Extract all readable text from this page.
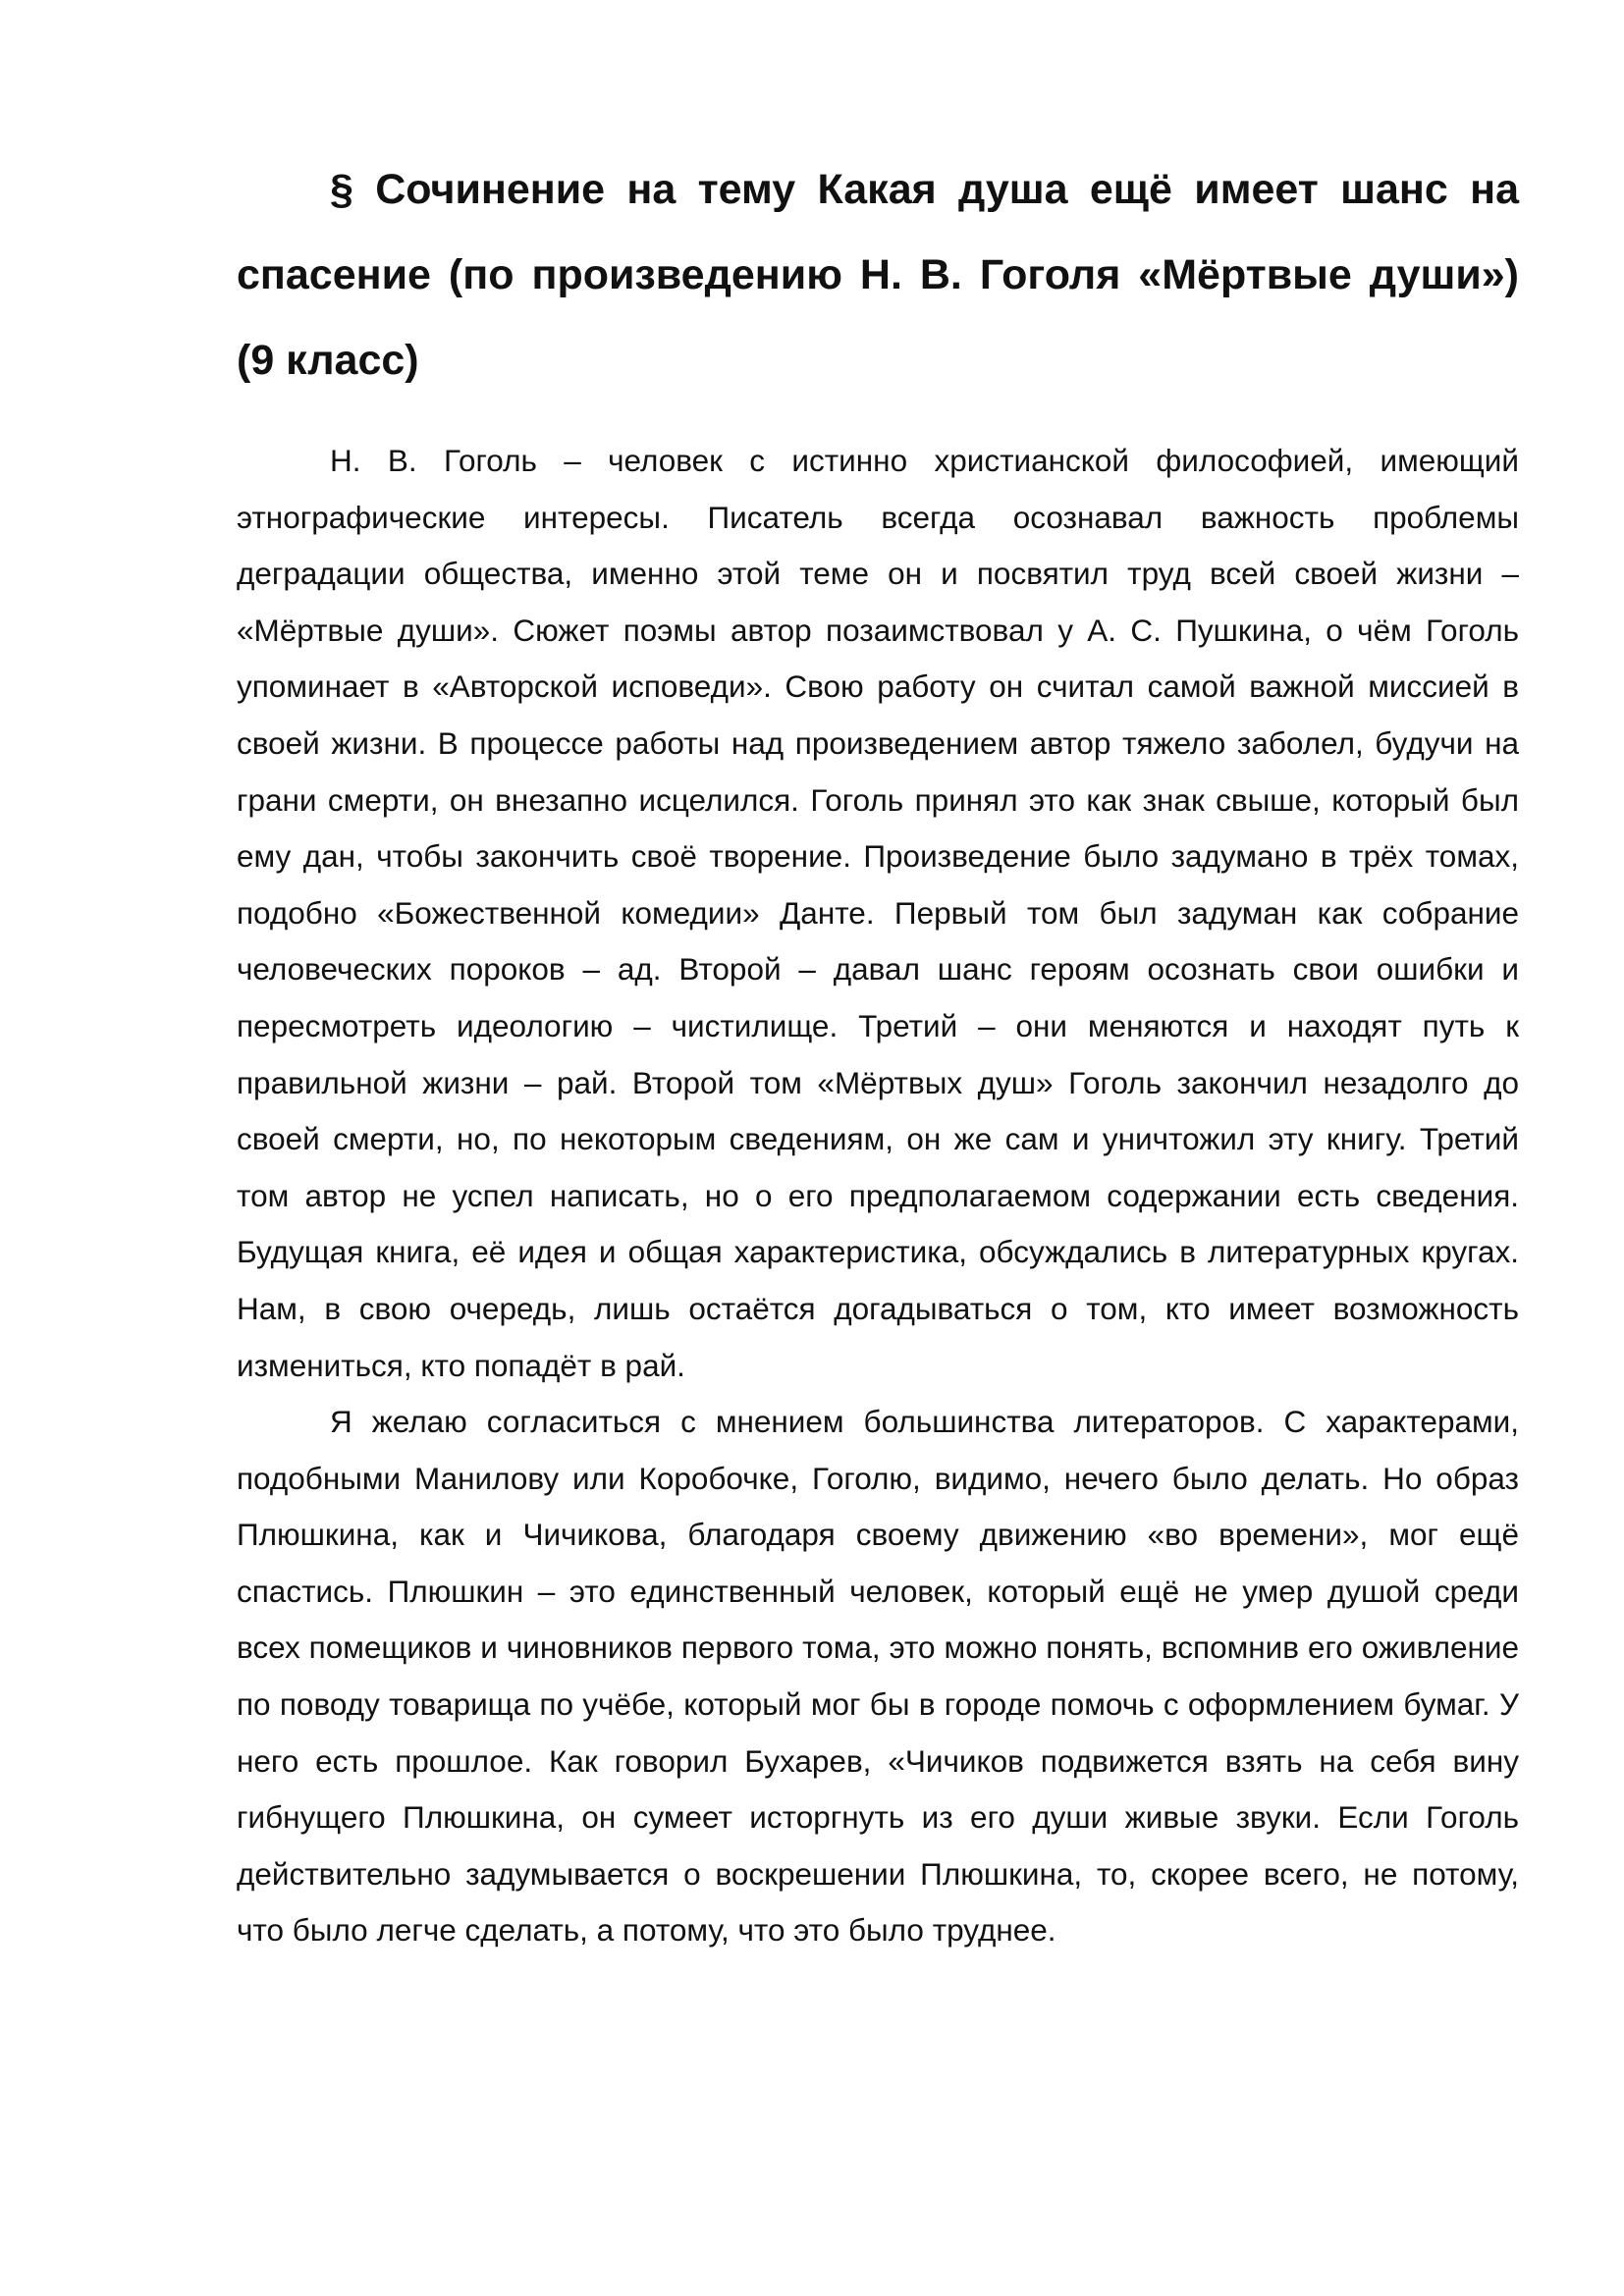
§ Сочинение на тему Какая душа ещё имеет шанс на спасение (по произведению Н. В. Гоголя «Мёртвые души») (9 класс)

Н. В. Гоголь – человек с истинно христианской философией, имеющий этнографические интересы. Писатель всегда осознавал важность проблемы деградации общества, именно этой теме он и посвятил труд всей своей жизни – «Мёртвые души». Сюжет поэмы автор позаимствовал у А. С. Пушкина, о чём Гоголь упоминает в «Авторской исповеди». Свою работу он считал самой важной миссией в своей жизни. В процессе работы над произведением автор тяжело заболел, будучи на грани смерти, он внезапно исцелился. Гоголь принял это как знак свыше, который был ему дан, чтобы закончить своё творение. Произведение было задумано в трёх томах, подобно «Божественной комедии» Данте. Первый том был задуман как собрание человеческих пороков – ад. Второй – давал шанс героям осознать свои ошибки и пересмотреть идеологию – чистилище. Третий – они меняются и находят путь к правильной жизни – рай. Второй том «Мёртвых душ» Гоголь закончил незадолго до своей смерти, но, по некоторым сведениям, он же сам и уничтожил эту книгу. Третий том автор не успел написать, но о его предполагаемом содержании есть сведения. Будущая книга, её идея и общая характеристика, обсуждались в литературных кругах. Нам, в свою очередь, лишь остаётся догадываться о том, кто имеет возможность измениться, кто попадёт в рай.

Я желаю согласиться с мнением большинства литераторов. С характерами, подобными Манилову или Коробочке, Гоголю, видимо, нечего было делать. Но образ Плюшкина, как и Чичикова, благодаря своему движению «во времени», мог ещё спастись. Плюшкин – это единственный человек, который ещё не умер душой среди всех помещиков и чиновников первого тома, это можно понять, вспомнив его оживление по поводу товарища по учёбе, который мог бы в городе помочь с оформлением бумаг. У него есть прошлое. Как говорил Бухарев, «Чичиков подвижется взять на себя вину гибнущего Плюшкина, он сумеет исторгнуть из его души живые звуки. Если Гоголь действительно задумывается о воскрешении Плюшкина, то, скорее всего, не потому, что было легче сделать, а потому, что это было труднее.
